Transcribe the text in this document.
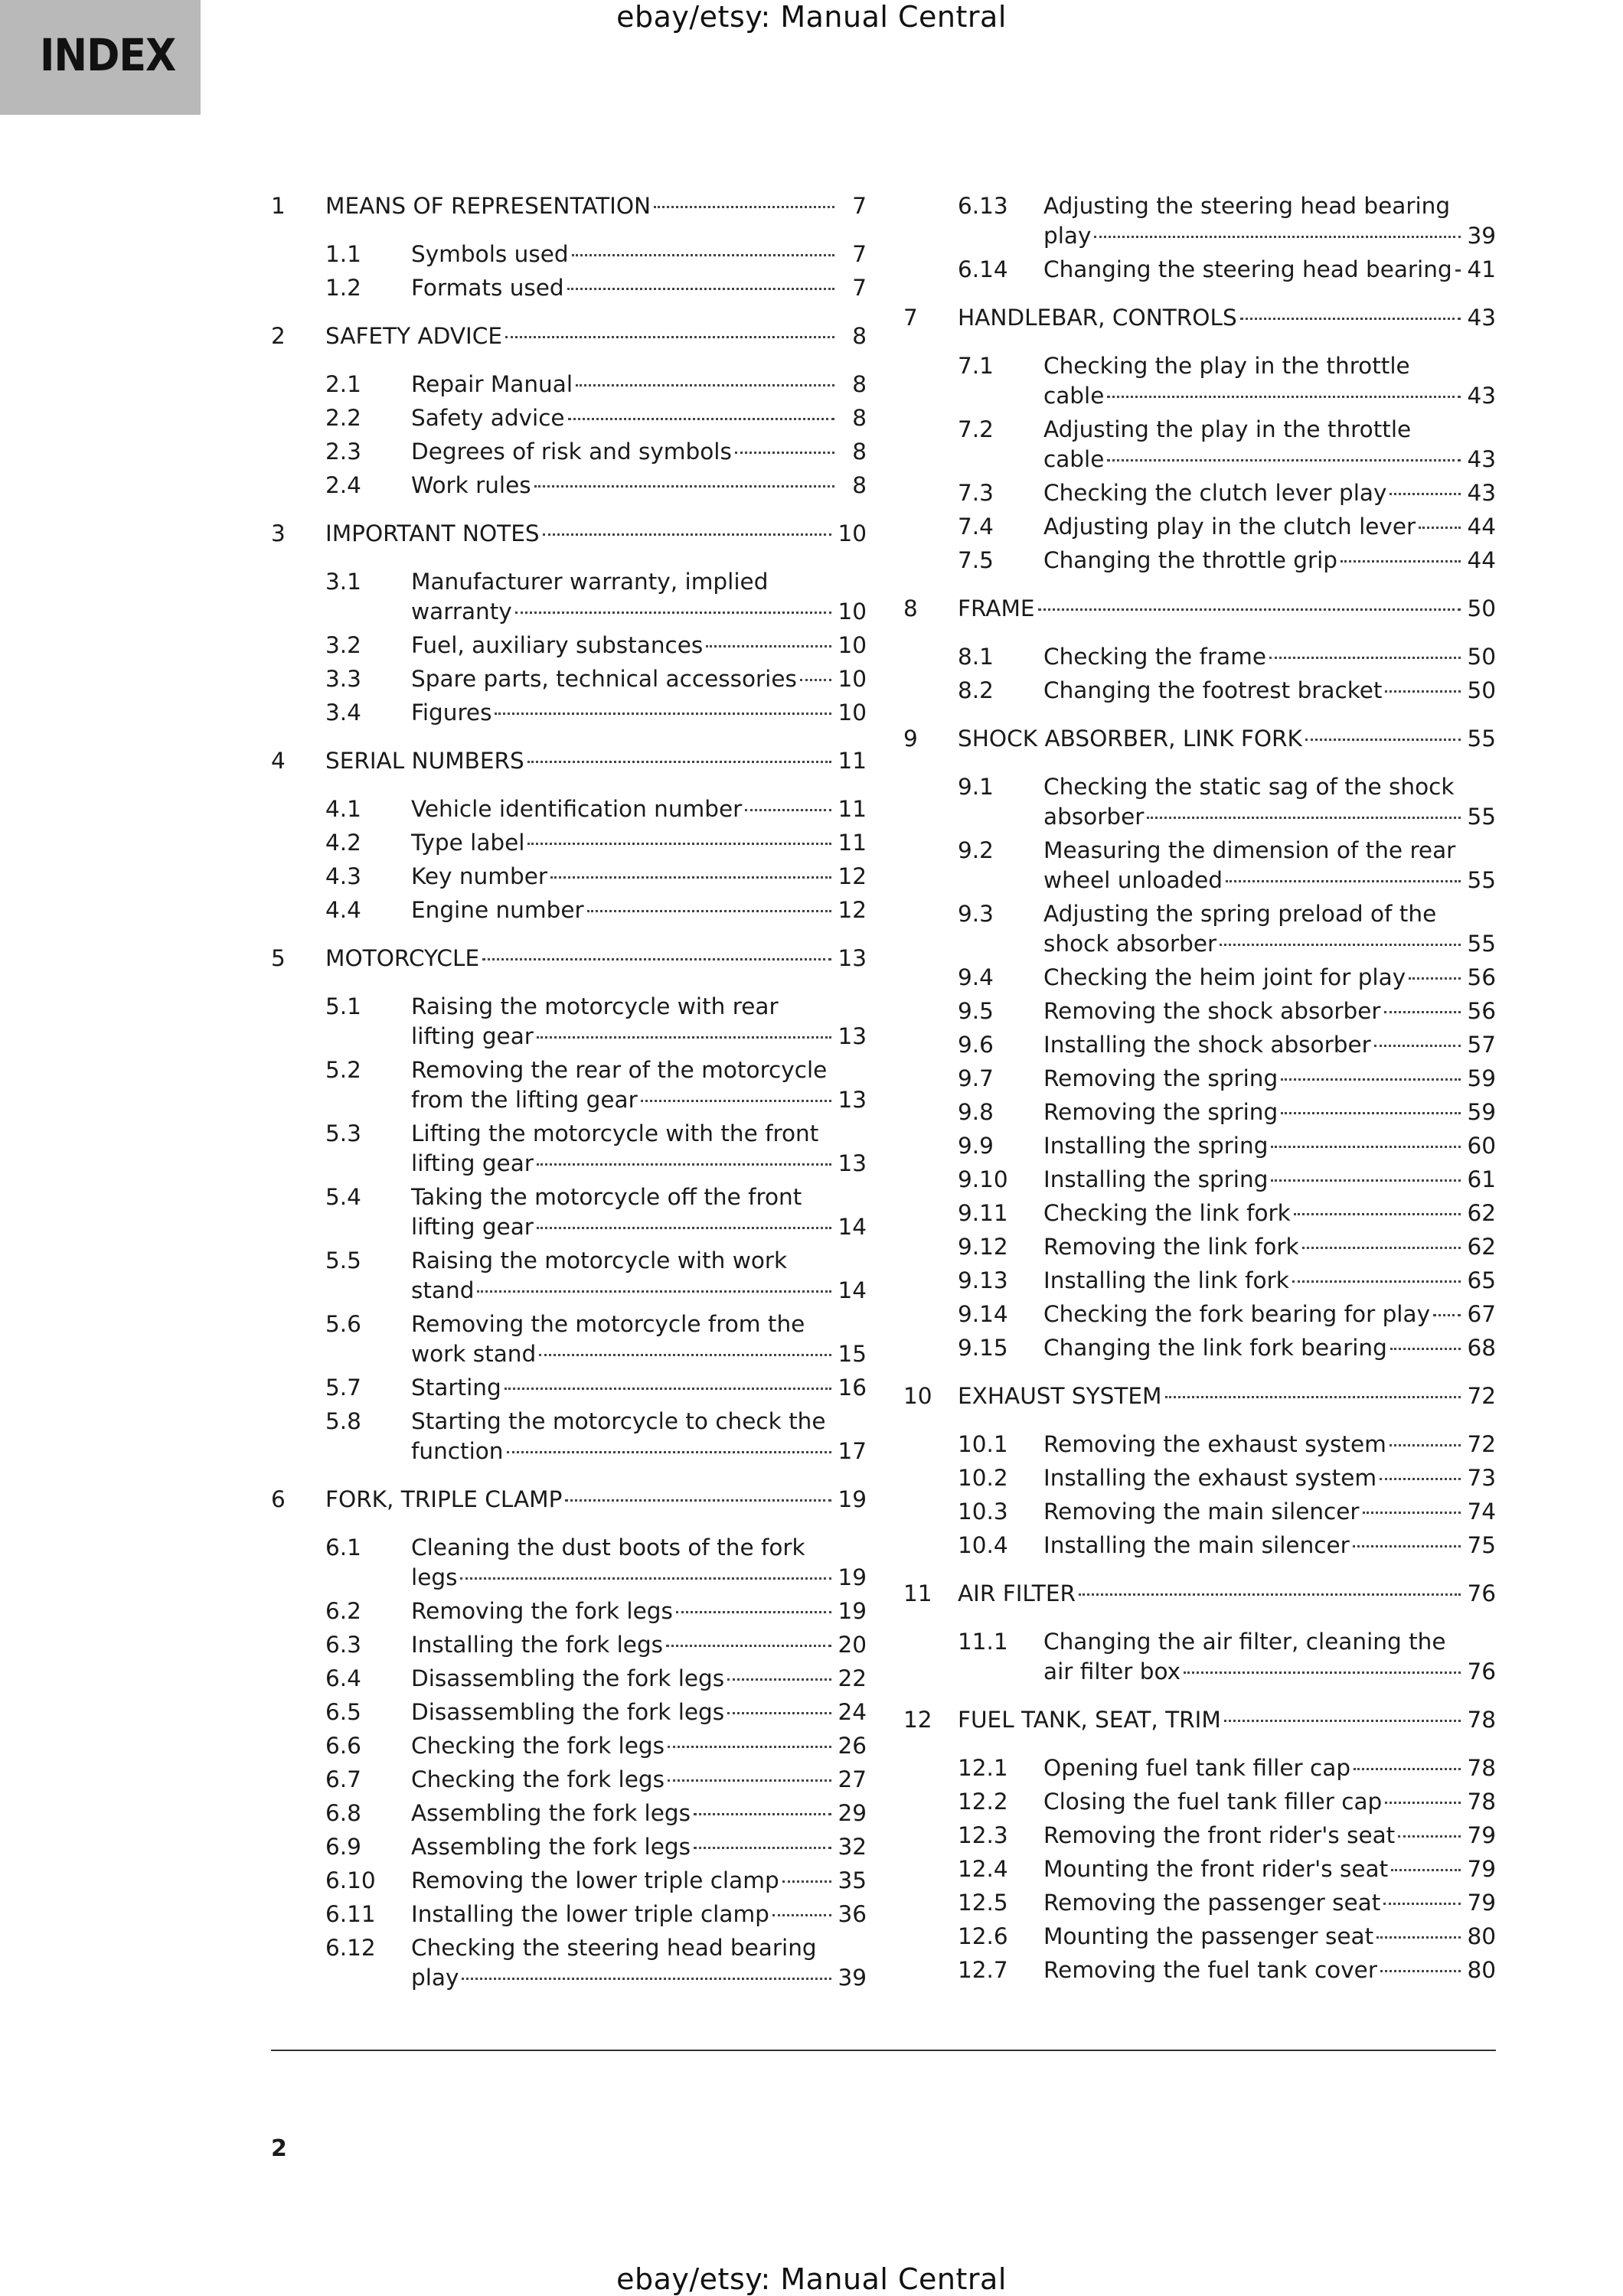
ebay/etsy: Manual Central
INDEX
1 MEANS OF REPRESENTATION	7
1.1 Symbols used	7
1.2 Formats used	7
2 SAFETY ADVICE	8
2.1 Repair Manual	8
2.2 Safety advice	8
2.3 Degrees of risk and symbols	8
2.4 Work rules	8
3 IMPORTANT NOTES	10
3.1 Manufacturer warranty, implied
warranty	10
3.2 Fuel, auxiliary substances	10
3.3 Spare parts, technical accessories 10
3.4 Figures	10
4 SERIAL NUMBERS	11
4.1 Vehicle identification number	11
4.2 Type label	11
4.3 Key number	12
4.4 Engine number	12
5 MOTORCYCLE	13
5.1 Raising the motorcycle with rear
lifting gear	13
5.2 Removing the rear of the motorcycle
from the lifting gear	13
5.3 Lifting the motorcycle with the front
lifting gear	13
5.4 Taking the motorcycle off the front
lifting gear	14
5.5 Raising the motorcycle with work
stand	14
5.6 Removing the motorcycle from the
work stand	15
5.7 Starting	16
5.8 Starting the motorcycle to check the
function	17
6 FORK, TRIPLE CLAMP	19
6.1 Cleaning the dust boots of the fork
legs	19
6.2 Removing the fork legs	19
6.3 Installing the fork legs	20
6.4 Disassembling the fork legs	22
6.5 Disassembling the fork legs	24
6.6 Checking the fork legs	26
6.7 Checking the fork legs	27
6.8 Assembling the fork legs	29
6.9 Assembling the fork legs	32
6.10 Removing the lower triple clamp	35
6.11 Installing the lower triple clamp	36
6.12 Checking the steering head bearing
play	39
6.13 Adjusting the steering head bearing
play	39
6.14 Changing the steering head bearing 41
7 HANDLEBAR, CONTROLS	43
7.1 Checking the play in the throttle
cable	43
7.2 Adjusting the play in the throttle
cable	43
7.3 Checking the clutch lever play	43
7.4 Adjusting play in the clutch lever 44
7.5 Changing the throttle grip	44
8 FRAME	50
8.1 Checking the frame	50
8.2 Changing the footrest bracket	50
9 SHOCK ABSORBER, LINK FORK	55
9.1 Checking the static sag of the shock
absorber	55
9.2 Measuring the dimension of the rear
wheel unloaded	55
9.3 Adjusting the spring preload of the
shock absorber	55
9.4 Checking the heim joint for play	56
9.5 Removing the shock absorber	56
9.6 Installing the shock absorber	57
9.7 Removing the spring	59
9.8 Removing the spring	59
9.9 Installing the spring	60
9.10 Installing the spring	61
9.11 Checking the link fork	62
9.12 Removing the link fork	62
9.13 Installing the link fork	65
9.14 Checking the fork bearing for play 67
9.15 Changing the link fork bearing	68
10 EXHAUST SYSTEM	72
10.1 Removing the exhaust system	72
10.2 Installing the exhaust system	73
10.3 Removing the main silencer	74
10.4 Installing the main silencer	75
11 AIR FILTER	76
11.1 Changing the air filter, cleaning the
air filter box	76
12 FUEL TANK, SEAT, TRIM	78
12.1 Opening fuel tank filler cap	78
12.2 Closing the fuel tank filler cap	78
12.3 Removing the front rider's seat	79
12.4 Mounting the front rider's seat	79
12.5 Removing the passenger seat	79
12.6 Mounting the passenger seat	80
12.7 Removing the fuel tank cover	80
2
ebay/etsy: Manual Central
